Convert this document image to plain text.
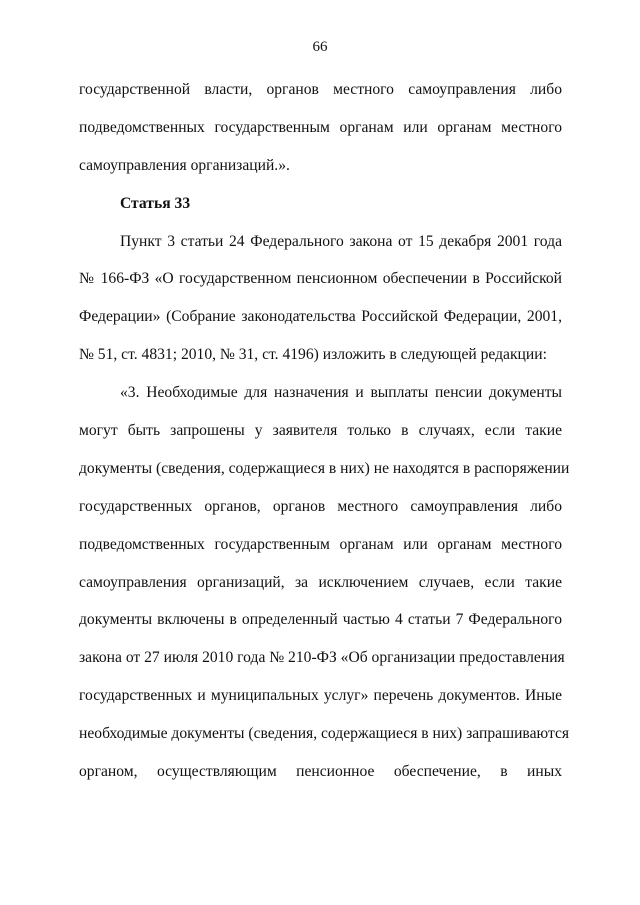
66
государственной власти, органов местного самоуправления либо
подведомственных государственным органам или органам местного
самоуправления организаций.».
Статья 33
Пункт 3 статьи 24 Федерального закона от 15 декабря 2001 года
№ 166-ФЗ «О государственном пенсионном обеспечении в Российской
Федерации» (Собрание законодательства Российской Федерации, 2001,
№ 51, ст. 4831; 2010, № 31, ст. 4196) изложить в следующей редакции:
«3. Необходимые для назначения и выплаты пенсии документы
могут быть запрошены у заявителя только в случаях, если такие
документы (сведения, содержащиеся в них) не находятся в распоряжении
государственных органов, органов местного самоуправления либо
подведомственных государственным органам или органам местного
самоуправления организаций, за исключением случаев, если такие
документы включены в определенный частью 4 статьи 7 Федерального
закона от 27 июля 2010 года № 210-ФЗ «Об организации предоставления
государственных и муниципальных услуг» перечень документов. Иные
необходимые документы (сведения, содержащиеся в них) запрашиваются
органом, осуществляющим пенсионное обеспечение, в иных
